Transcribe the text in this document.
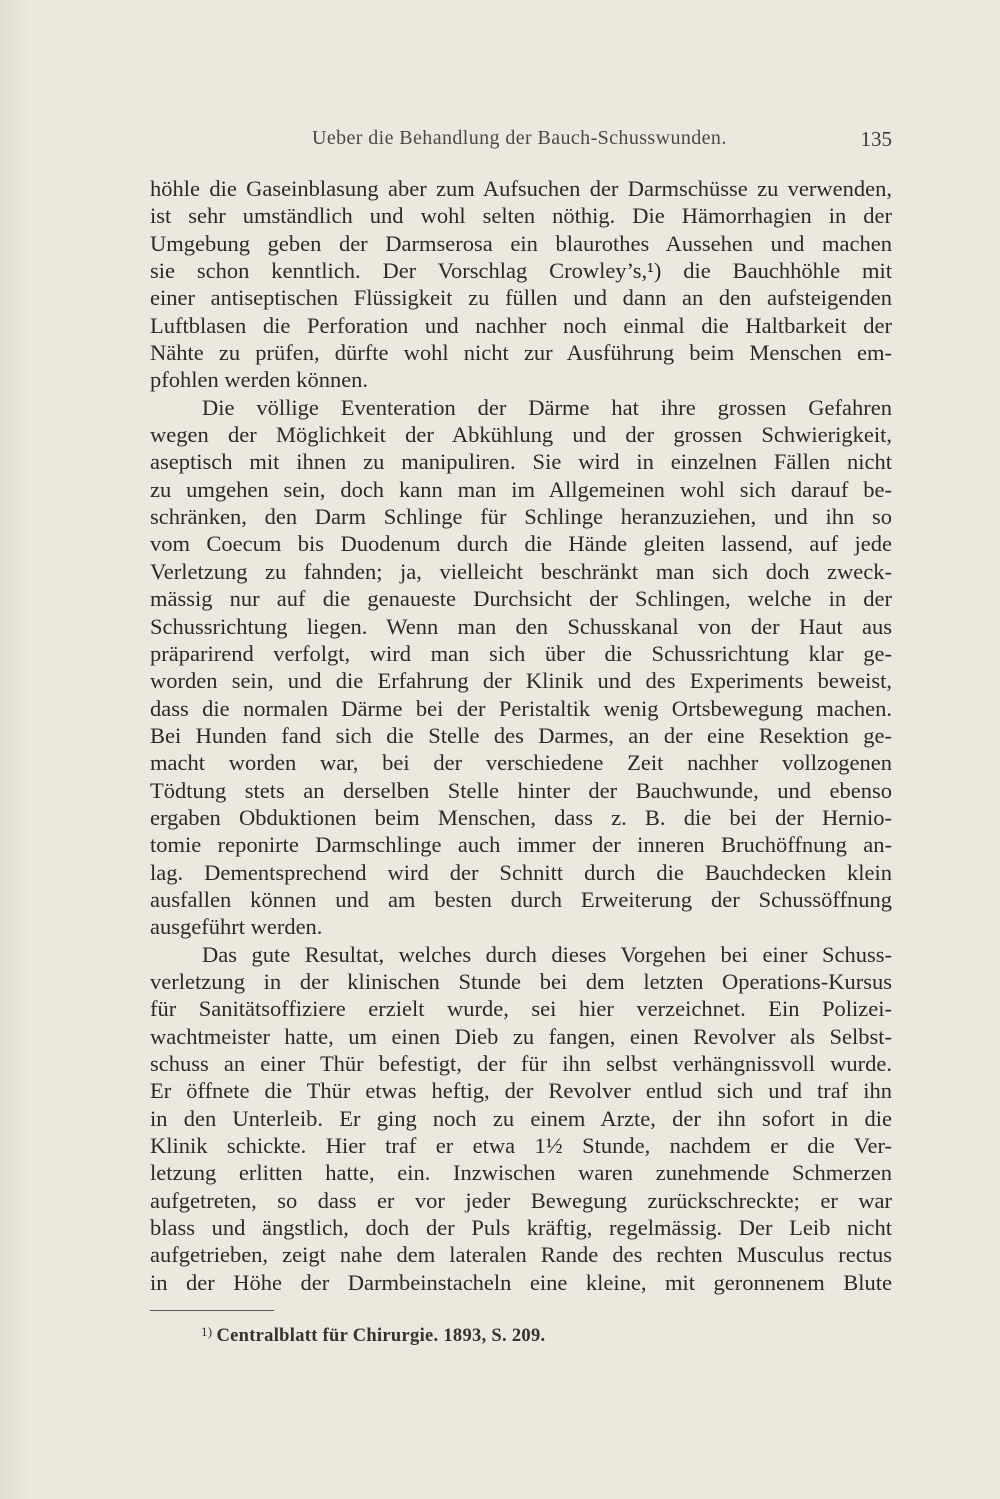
Ueber die Behandlung der Bauch-Schusswunden.	135
höhle die Gaseinblasung aber zum Aufsuchen der Darmschüsse zu verwenden,
ist sehr umständlich und wohl selten nöthig. Die Hämorrhagien in der
Umgebung geben der Darmserosa ein blaurothes Aussehen und machen
sie schon kenntlich. Der Vorschlag Crowley’s,¹) die Bauchhöhle mit
einer antiseptischen Flüssigkeit zu füllen und dann an den aufsteigenden
Luftblasen die Perforation und nachher noch einmal die Haltbarkeit der
Nähte zu prüfen, dürfte wohl nicht zur Ausführung beim Menschen em-
pfohlen werden können.
Die völlige Eventeration der Därme hat ihre grossen Gefahren
wegen der Möglichkeit der Abkühlung und der grossen Schwierigkeit,
aseptisch mit ihnen zu manipuliren. Sie wird in einzelnen Fällen nicht
zu umgehen sein, doch kann man im Allgemeinen wohl sich darauf be-
schränken, den Darm Schlinge für Schlinge heranzuziehen, und ihn so
vom Coecum bis Duodenum durch die Hände gleiten lassend, auf jede
Verletzung zu fahnden; ja, vielleicht beschränkt man sich doch zweck-
mässig nur auf die genaueste Durchsicht der Schlingen, welche in der
Schussrichtung liegen. Wenn man den Schusskanal von der Haut aus
präparirend verfolgt, wird man sich über die Schussrichtung klar ge-
worden sein, und die Erfahrung der Klinik und des Experiments beweist,
dass die normalen Därme bei der Peristaltik wenig Ortsbewegung machen.
Bei Hunden fand sich die Stelle des Darmes, an der eine Resektion ge-
macht worden war, bei der verschiedene Zeit nachher vollzogenen
Tödtung stets an derselben Stelle hinter der Bauchwunde, und ebenso
ergaben Obduktionen beim Menschen, dass z. B. die bei der Hernio-
tomie reponirte Darmschlinge auch immer der inneren Bruchöffnung an-
lag. Dementsprechend wird der Schnitt durch die Bauchdecken klein
ausfallen können und am besten durch Erweiterung der Schussöffnung
ausgeführt werden.
Das gute Resultat, welches durch dieses Vorgehen bei einer Schuss-
verletzung in der klinischen Stunde bei dem letzten Operations-Kursus
für Sanitätsoffiziere erzielt wurde, sei hier verzeichnet. Ein Polizei-
wachtmeister hatte, um einen Dieb zu fangen, einen Revolver als Selbst-
schuss an einer Thür befestigt, der für ihn selbst verhängnissvoll wurde.
Er öffnete die Thür etwas heftig, der Revolver entlud sich und traf ihn
in den Unterleib. Er ging noch zu einem Arzte, der ihn sofort in die
Klinik schickte. Hier traf er etwa 1½ Stunde, nachdem er die Ver-
letzung erlitten hatte, ein. Inzwischen waren zunehmende Schmerzen
aufgetreten, so dass er vor jeder Bewegung zurückschreckte; er war
blass und ängstlich, doch der Puls kräftig, regelmässig. Der Leib nicht
aufgetrieben, zeigt nahe dem lateralen Rande des rechten Musculus rectus
in der Höhe der Darmbeinstacheln eine kleine, mit geronnenem Blute
$^{1)}$ Centralblatt für Chirurgie. 1893, S. 209.
